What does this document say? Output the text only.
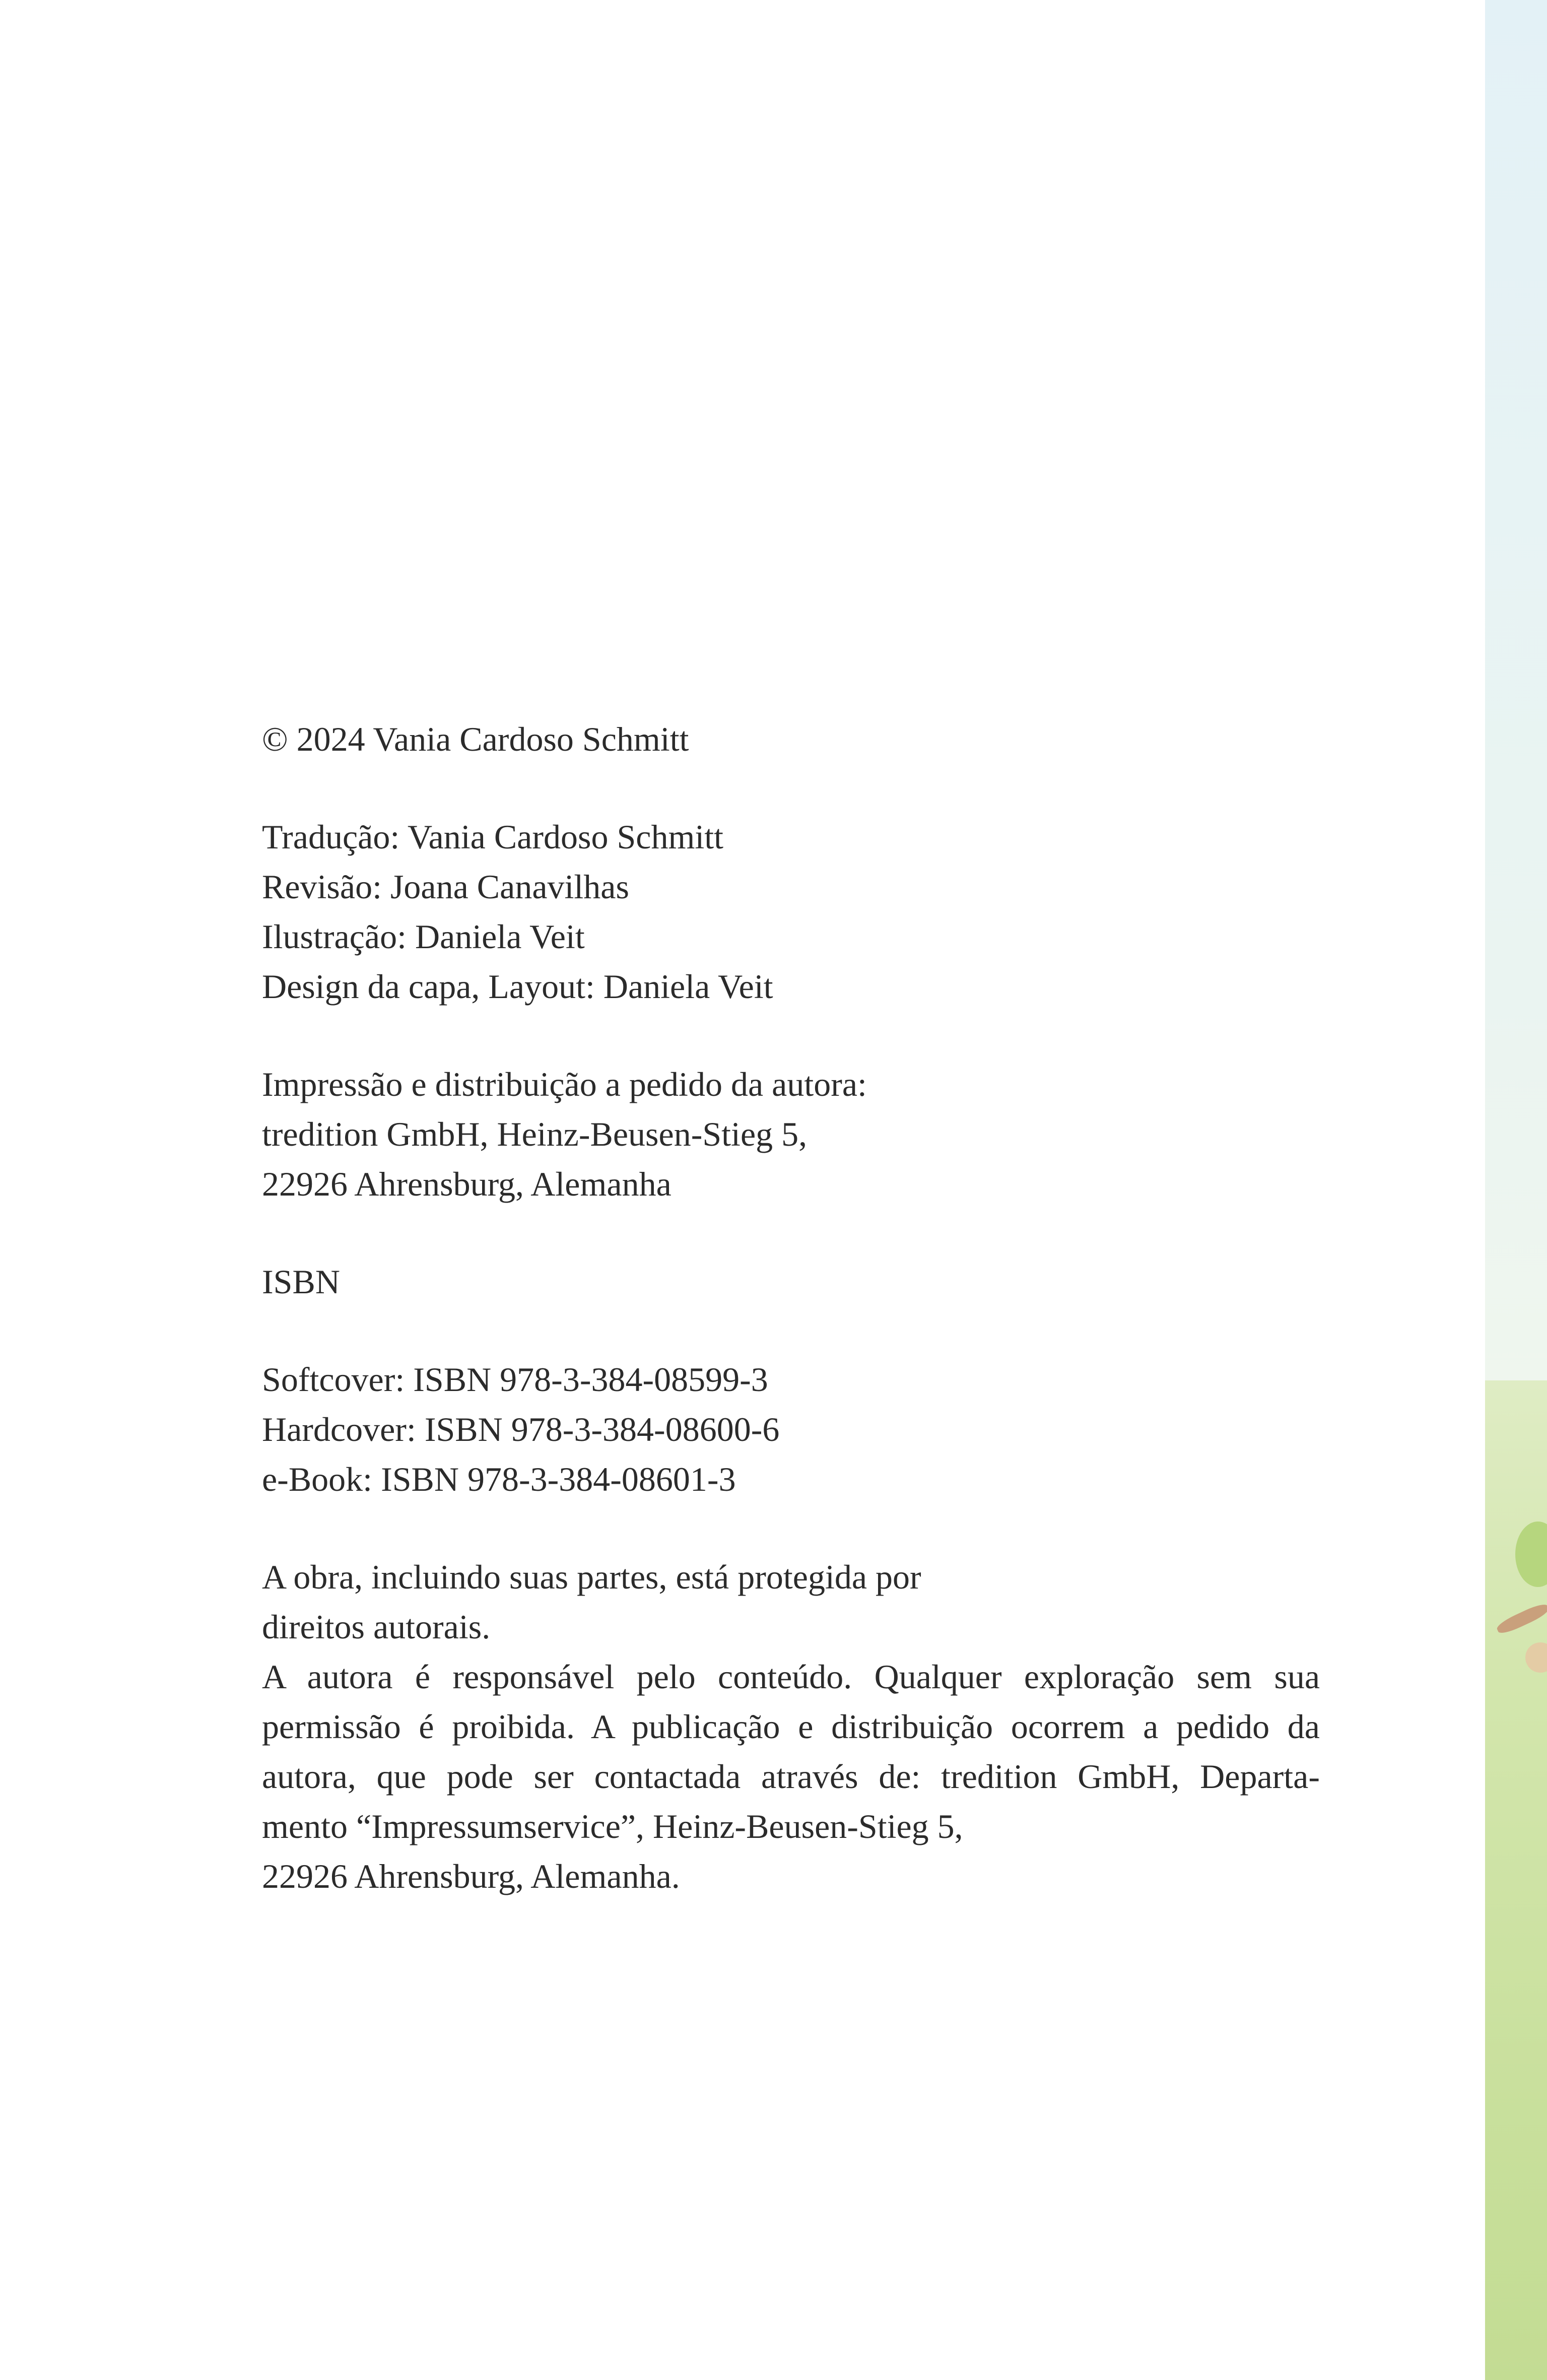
© 2024 Vania Cardoso Schmitt
Tradução: Vania Cardoso Schmitt
Revisão: Joana Canavilhas
Ilustração: Daniela Veit
Design da capa, Layout: Daniela Veit
Impressão e distribuição a pedido da autora:
tredition GmbH, Heinz-Beusen-Stieg 5,
22926 Ahrensburg, Alemanha
ISBN
Softcover: ISBN 978-3-384-08599-3
Hardcover: ISBN 978-3-384-08600-6
e-Book: ISBN 978-3-384-08601-3
A obra, incluindo suas partes, está protegida por
direitos autorais.
A autora é responsável pelo conteúdo. Qualquer exploração sem sua
permissão é proibida. A publicação e distribuição ocorrem a pedido da
autora, que pode ser contactada através de: tredition GmbH, Departa-
mento “Impressumservice”, Heinz-Beusen-Stieg 5,
22926 Ahrensburg, Alemanha.
